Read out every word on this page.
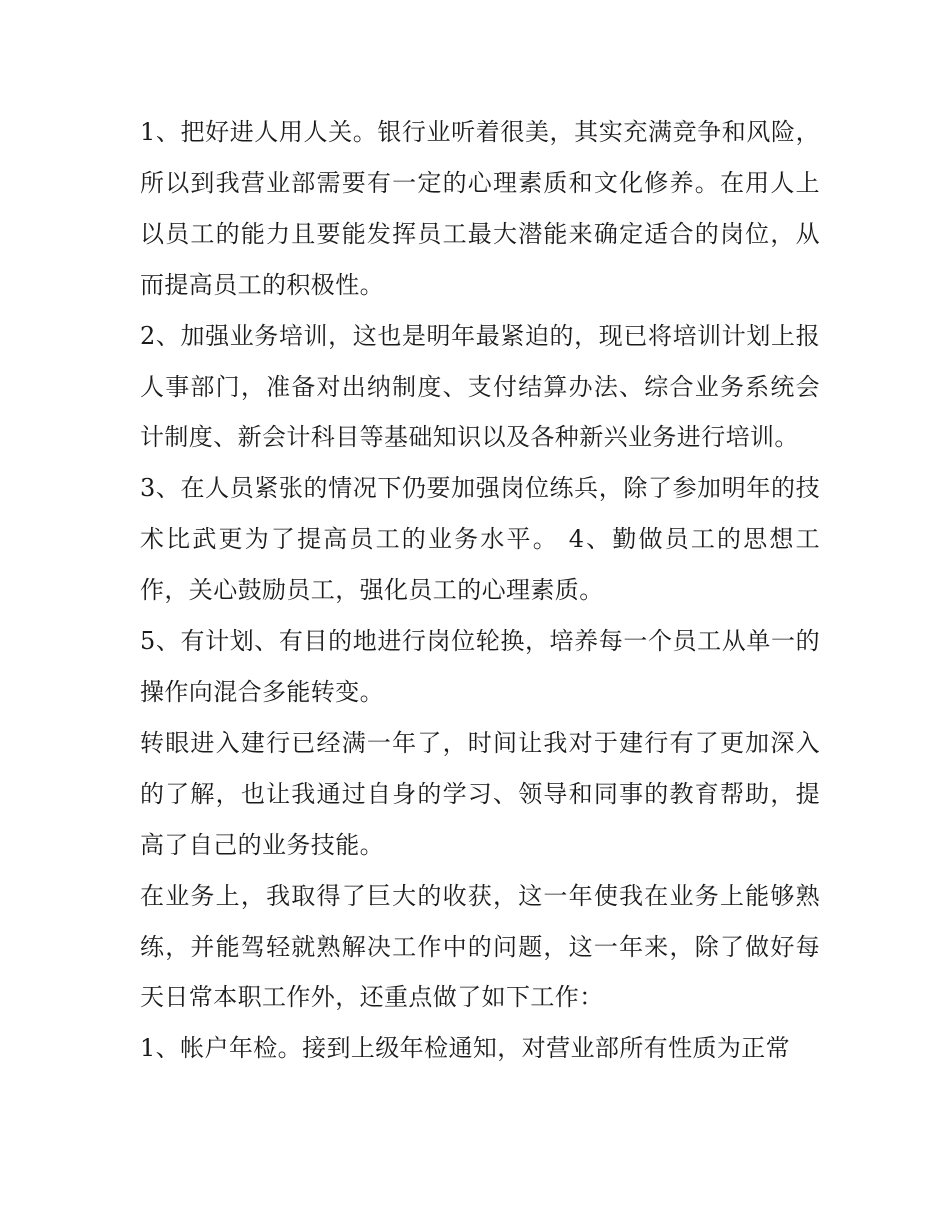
1、把好进人用人关。银行业听着很美，其实充满竞争和风险，所以到我营业部需要有一定的心理素质和文化修养。在用人上以员工的能力且要能发挥员工最大潜能来确定适合的岗位，从而提高员工的积极性。

2、加强业务培训，这也是明年最紧迫的，现已将培训计划上报人事部门，准备对出纳制度、支付结算办法、综合业务系统会计制度、新会计科目等基础知识以及各种新兴业务进行培训。

3、在人员紧张的情况下仍要加强岗位练兵，除了参加明年的技术比武更为了提高员工的业务水平。 4、勤做员工的思想工作，关心鼓励员工，强化员工的心理素质。

5、有计划、有目的地进行岗位轮换，培养每一个员工从单一的操作向混合多能转变。

转眼进入建行已经满一年了，时间让我对于建行有了更加深入的了解，也让我通过自身的学习、领导和同事的教育帮助，提高了自己的业务技能。

在业务上，我取得了巨大的收获，这一年使我在业务上能够熟练，并能驾轻就熟解决工作中的问题，这一年来，除了做好每天日常本职工作外，还重点做了如下工作：

1、帐户年检。接到上级年检通知，对营业部所有性质为正常
